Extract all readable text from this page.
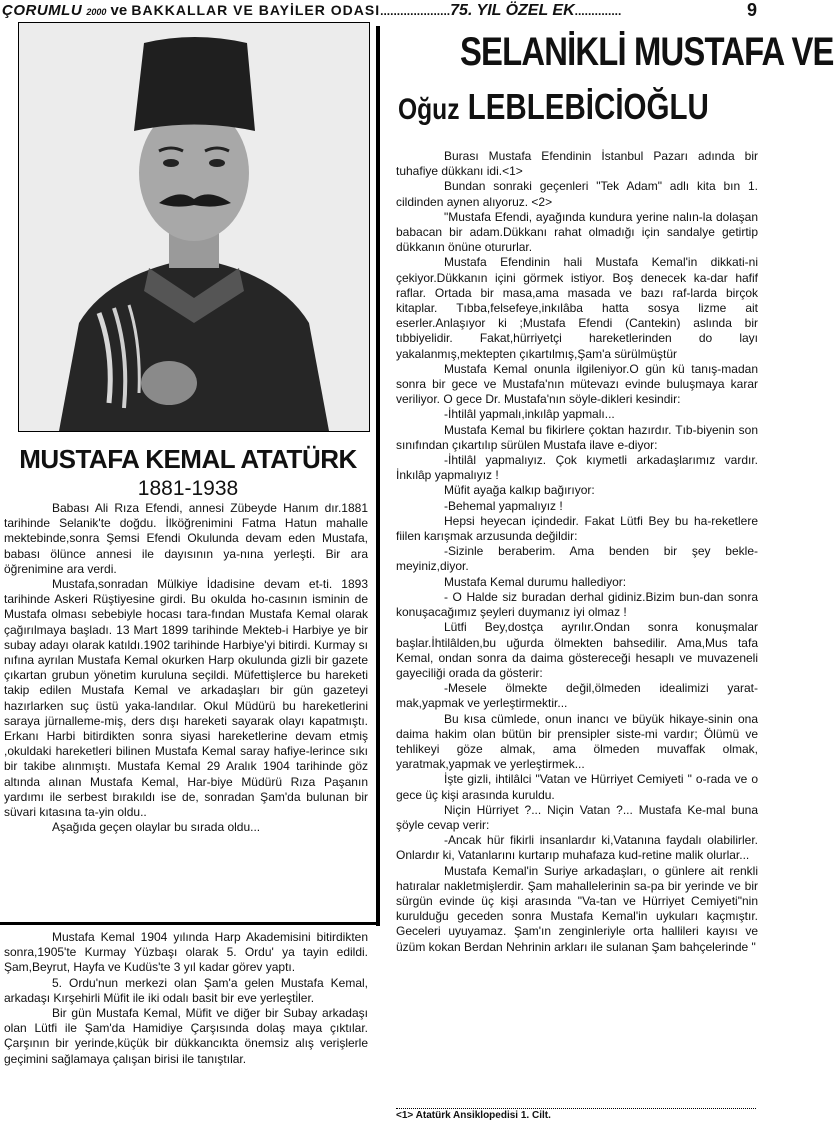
ÇORUMLU 2000 ve BAKKALLAR VE BAYİLER ODASI.....................75. YIL ÖZEL EK..............	9
MUSTAFA KEMAL ATATÜRK
1881-1938

Babası Ali Rıza Efendi, annesi Zübeyde Hanım dır.1881 tarihinde Selanik'te doğdu. İlköğrenimini Fatma Hatun mahalle mektebinde,sonra Şemsi Efendi Okulunda devam eden Mustafa, babası ölünce annesi ile dayısının ya-nına yerleşti. Bir ara öğrenimine ara verdi.

Mustafa,sonradan Mülkiye İdadisine devam et-ti. 1893 tarihinde Askeri Rüştiyesine girdi. Bu okulda ho-casının isminin de Mustafa olması sebebiyle hocası tara-fından Mustafa Kemal olarak çağırılmaya başladı. 13 Mart 1899 tarihinde Mekteb-i Harbiye ye bir subay adayı olarak katıldı.1902 tarihinde Harbiye'yi bitirdi. Kurmay sı nıfına ayrılan Mustafa Kemal okurken Harp okulunda gizli bir gazete çıkartan grubun yönetim kuruluna seçildi. Müfettişlerce bu hareketi takip edilen Mustafa Kemal ve arkadaşları bir gün gazeteyi hazırlarken suç üstü yaka-landılar. Okul Müdürü bu hareketlerini saraya jürnalleme-miş, ders dışı hareketi sayarak olayı kapatmıştı. Erkanı Harbi bitirdikten sonra siyasi hareketlerine devam etmiş ,okuldaki hareketleri bilinen Mustafa Kemal saray hafiye-lerince sıkı bir takibe alınmıştı. Mustafa Kemal 29 Aralık 1904 tarihinde göz altında alınan Mustafa Kemal, Har-biye Müdürü Rıza Paşanın yardımı ile serbest bırakıldı ise de, sonradan Şam'da bulunan bir süvari kıtasına ta-yin oldu..

Aşağıda geçen olaylar bu sırada oldu...

Mustafa Kemal 1904 yılında Harp Akademisini bitirdikten sonra,1905'te Kurmay Yüzbaşı olarak 5. Ordu' ya tayin edildi. Şam,Beyrut, Hayfa ve Kudüs'te 3 yıl kadar görev yaptı.

5. Ordu'nun merkezi olan Şam'a gelen Mustafa Kemal, arkadaşı Kırşehirli Müfit ile iki odalı basit bir eve yerleşti̇ler.

Bir gün Mustafa Kemal, Müfit ve diğer bir Subay arkadaşı olan Lütfi ile Şam'da Hamidiye Çarşısında dolaş maya çıktılar. Çarşının bir yerinde,küçük bir dükkancıkta önemsiz alış verişlerle geçimini sağlamaya çalışan birisi ile tanıştılar.

SELANİKLİ MUSTAFA VE
Oğuz LEBLEBİCİOĞLU

Burası Mustafa Efendinin İstanbul Pazarı adında bir tuhafiye dükkanı idi.<1>

Bundan sonraki geçenleri "Tek Adam" adlı kita bın 1. cildinden aynen alıyoruz. <2>

"Mustafa Efendi, ayağında kundura yerine nalın-la dolaşan babacan bir adam.Dükkanı rahat olmadığı için sandalye getirtip dükkanın önüne otururlar.

Mustafa Efendinin hali Mustafa Kemal'in dikkati-ni çekiyor.Dükkanın içini görmek istiyor. Boş denecek ka-dar hafif raflar. Ortada bir masa,ama masada ve bazı raf-larda birçok kitaplar. Tıbba,felsefeye,inkılâba hatta sosya lizme ait eserler.Anlaşıyor ki ;Mustafa Efendi (Cantekin) aslında bir tıbbiyelidir. Fakat,hürriyetçi hareketlerinden do layı yakalanmış,mektepten çıkartılmış,Şam'a sürülmüştür

Mustafa Kemal onunla ilgileniyor.O gün kü tanış-madan sonra bir gece ve Mustafa'nın mütevazı evinde buluşmaya karar veriliyor. O gece Dr. Mustafa'nın söyle-dikleri kesindir:

-İhtilâl yapmalı,inkılâp yapmalı...

Mustafa Kemal bu fikirlere çoktan hazırdır. Tıb-biyenin son sınıfından çıkartılıp sürülen Mustafa ilave e-diyor:

-İhtilâl yapmalıyız. Çok kıymetli arkadaşlarımız vardır. İnkılâp yapmalıyız !

Müfit ayağa kalkıp bağırıyor:

-Behemal yapmalıyız !

Hepsi heyecan içindedir. Fakat Lütfi Bey bu ha-reketlere fiilen karışmak arzusunda değildir:

-Sizinle beraberim. Ama benden bir şey bekle-meyiniz,diyor.

Mustafa Kemal durumu hallediyor:

- O Halde siz buradan derhal gidiniz.Bizim bun-dan sonra konuşacağımız şeyleri duymanız iyi olmaz !

Lütfi Bey,dostça ayrılır.Ondan sonra konuşmalar başlar.İhtilâlden,bu uğurda ölmekten bahsedilir. Ama,Mus tafa Kemal, ondan sonra da daima göstereceği hesaplı ve muvazeneli gayeciliği orada da gösterir:

-Mesele ölmekte değil,ölmeden idealimizi yarat-mak,yapmak ve yerleştirmektir...

Bu kısa cümlede, onun inancı ve büyük hikaye-sinin ona daima hakim olan bütün bir prensipler siste-mi vardır; Ölümü ve tehlikeyi göze almak, ama ölmeden muvaffak olmak, yaratmak,yapmak ve yerleştirmek...

İşte gizli, ihtilâlci "Vatan ve Hürriyet Cemiyeti " o-rada ve o gece üç kişi arasında kuruldu.

Niçin Hürriyet ?... Niçin Vatan ?... Mustafa Ke-mal buna şöyle cevap verir:

-Ancak hür fikirli insanlardır ki,Vatanına faydalı olabilirler. Onlardır ki, Vatanlarını kurtarıp muhafaza kud-retine malik olurlar...

Mustafa Kemal'in Suriye arkadaşları, o günlere ait renkli hatıralar nakletmişlerdir. Şam mahallelerinin sa-pa bir yerinde ve bir sürgün evinde üç kişi arasında "Va-tan ve Hürriyet Cemiyeti"nin kurulduğu geceden sonra Mustafa Kemal'in uykuları kaçmıştır. Geceleri uyuyamaz. Şam'ın zenginleriyle orta hallileri kayısı ve üzüm kokan Berdan Nehrinin arkları ile sulanan Şam bahçelerinde "

<1> Atatürk Ansiklopedisi 1. Cilt.
